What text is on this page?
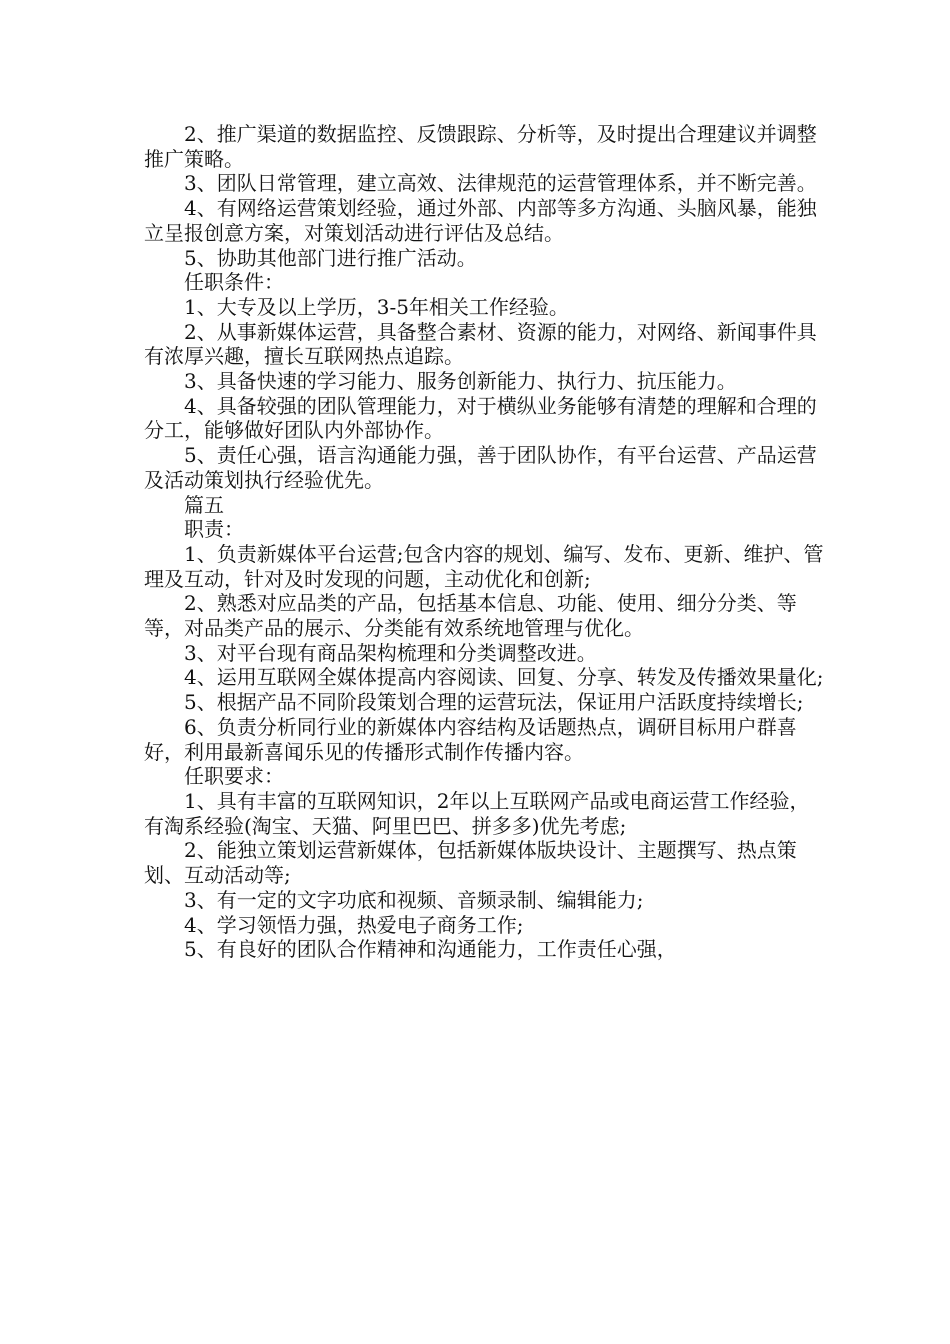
2、推广渠道的数据监控、反馈跟踪、分析等，及时提出合理建议并调整推广策略。

3、团队日常管理，建立高效、法律规范的运营管理体系，并不断完善。

4、有网络运营策划经验，通过外部、内部等多方沟通、头脑风暴，能独立呈报创意方案，对策划活动进行评估及总结。

5、协助其他部门进行推广活动。

任职条件：

1、大专及以上学历，3-5年相关工作经验。

2、从事新媒体运营，具备整合素材、资源的能力，对网络、新闻事件具有浓厚兴趣，擅长互联网热点追踪。

3、具备快速的学习能力、服务创新能力、执行力、抗压能力。

4、具备较强的团队管理能力，对于横纵业务能够有清楚的理解和合理的分工，能够做好团队内外部协作。

5、责任心强，语言沟通能力强，善于团队协作，有平台运营、产品运营及活动策划执行经验优先。

篇五

职责：

1、负责新媒体平台运营;包含内容的规划、编写、发布、更新、维护、管理及互动，针对及时发现的问题，主动优化和创新;

2、熟悉对应品类的产品，包括基本信息、功能、使用、细分分类、等等，对品类产品的展示、分类能有效系统地管理与优化。

3、对平台现有商品架构梳理和分类调整改进。

4、运用互联网全媒体提高内容阅读、回复、分享、转发及传播效果量化;

5、根据产品不同阶段策划合理的运营玩法，保证用户活跃度持续增长;

6、负责分析同行业的新媒体内容结构及话题热点，调研目标用户群喜好，利用最新喜闻乐见的传播形式制作传播内容。

任职要求：

1、具有丰富的互联网知识，2年以上互联网产品或电商运营工作经验，有淘系经验(淘宝、天猫、阿里巴巴、拼多多)优先考虑;

2、能独立策划运营新媒体，包括新媒体版块设计、主题撰写、热点策划、互动活动等;

3、有一定的文字功底和视频、音频录制、编辑能力;

4、学习领悟力强，热爱电子商务工作;

5、有良好的团队合作精神和沟通能力，工作责任心强，
